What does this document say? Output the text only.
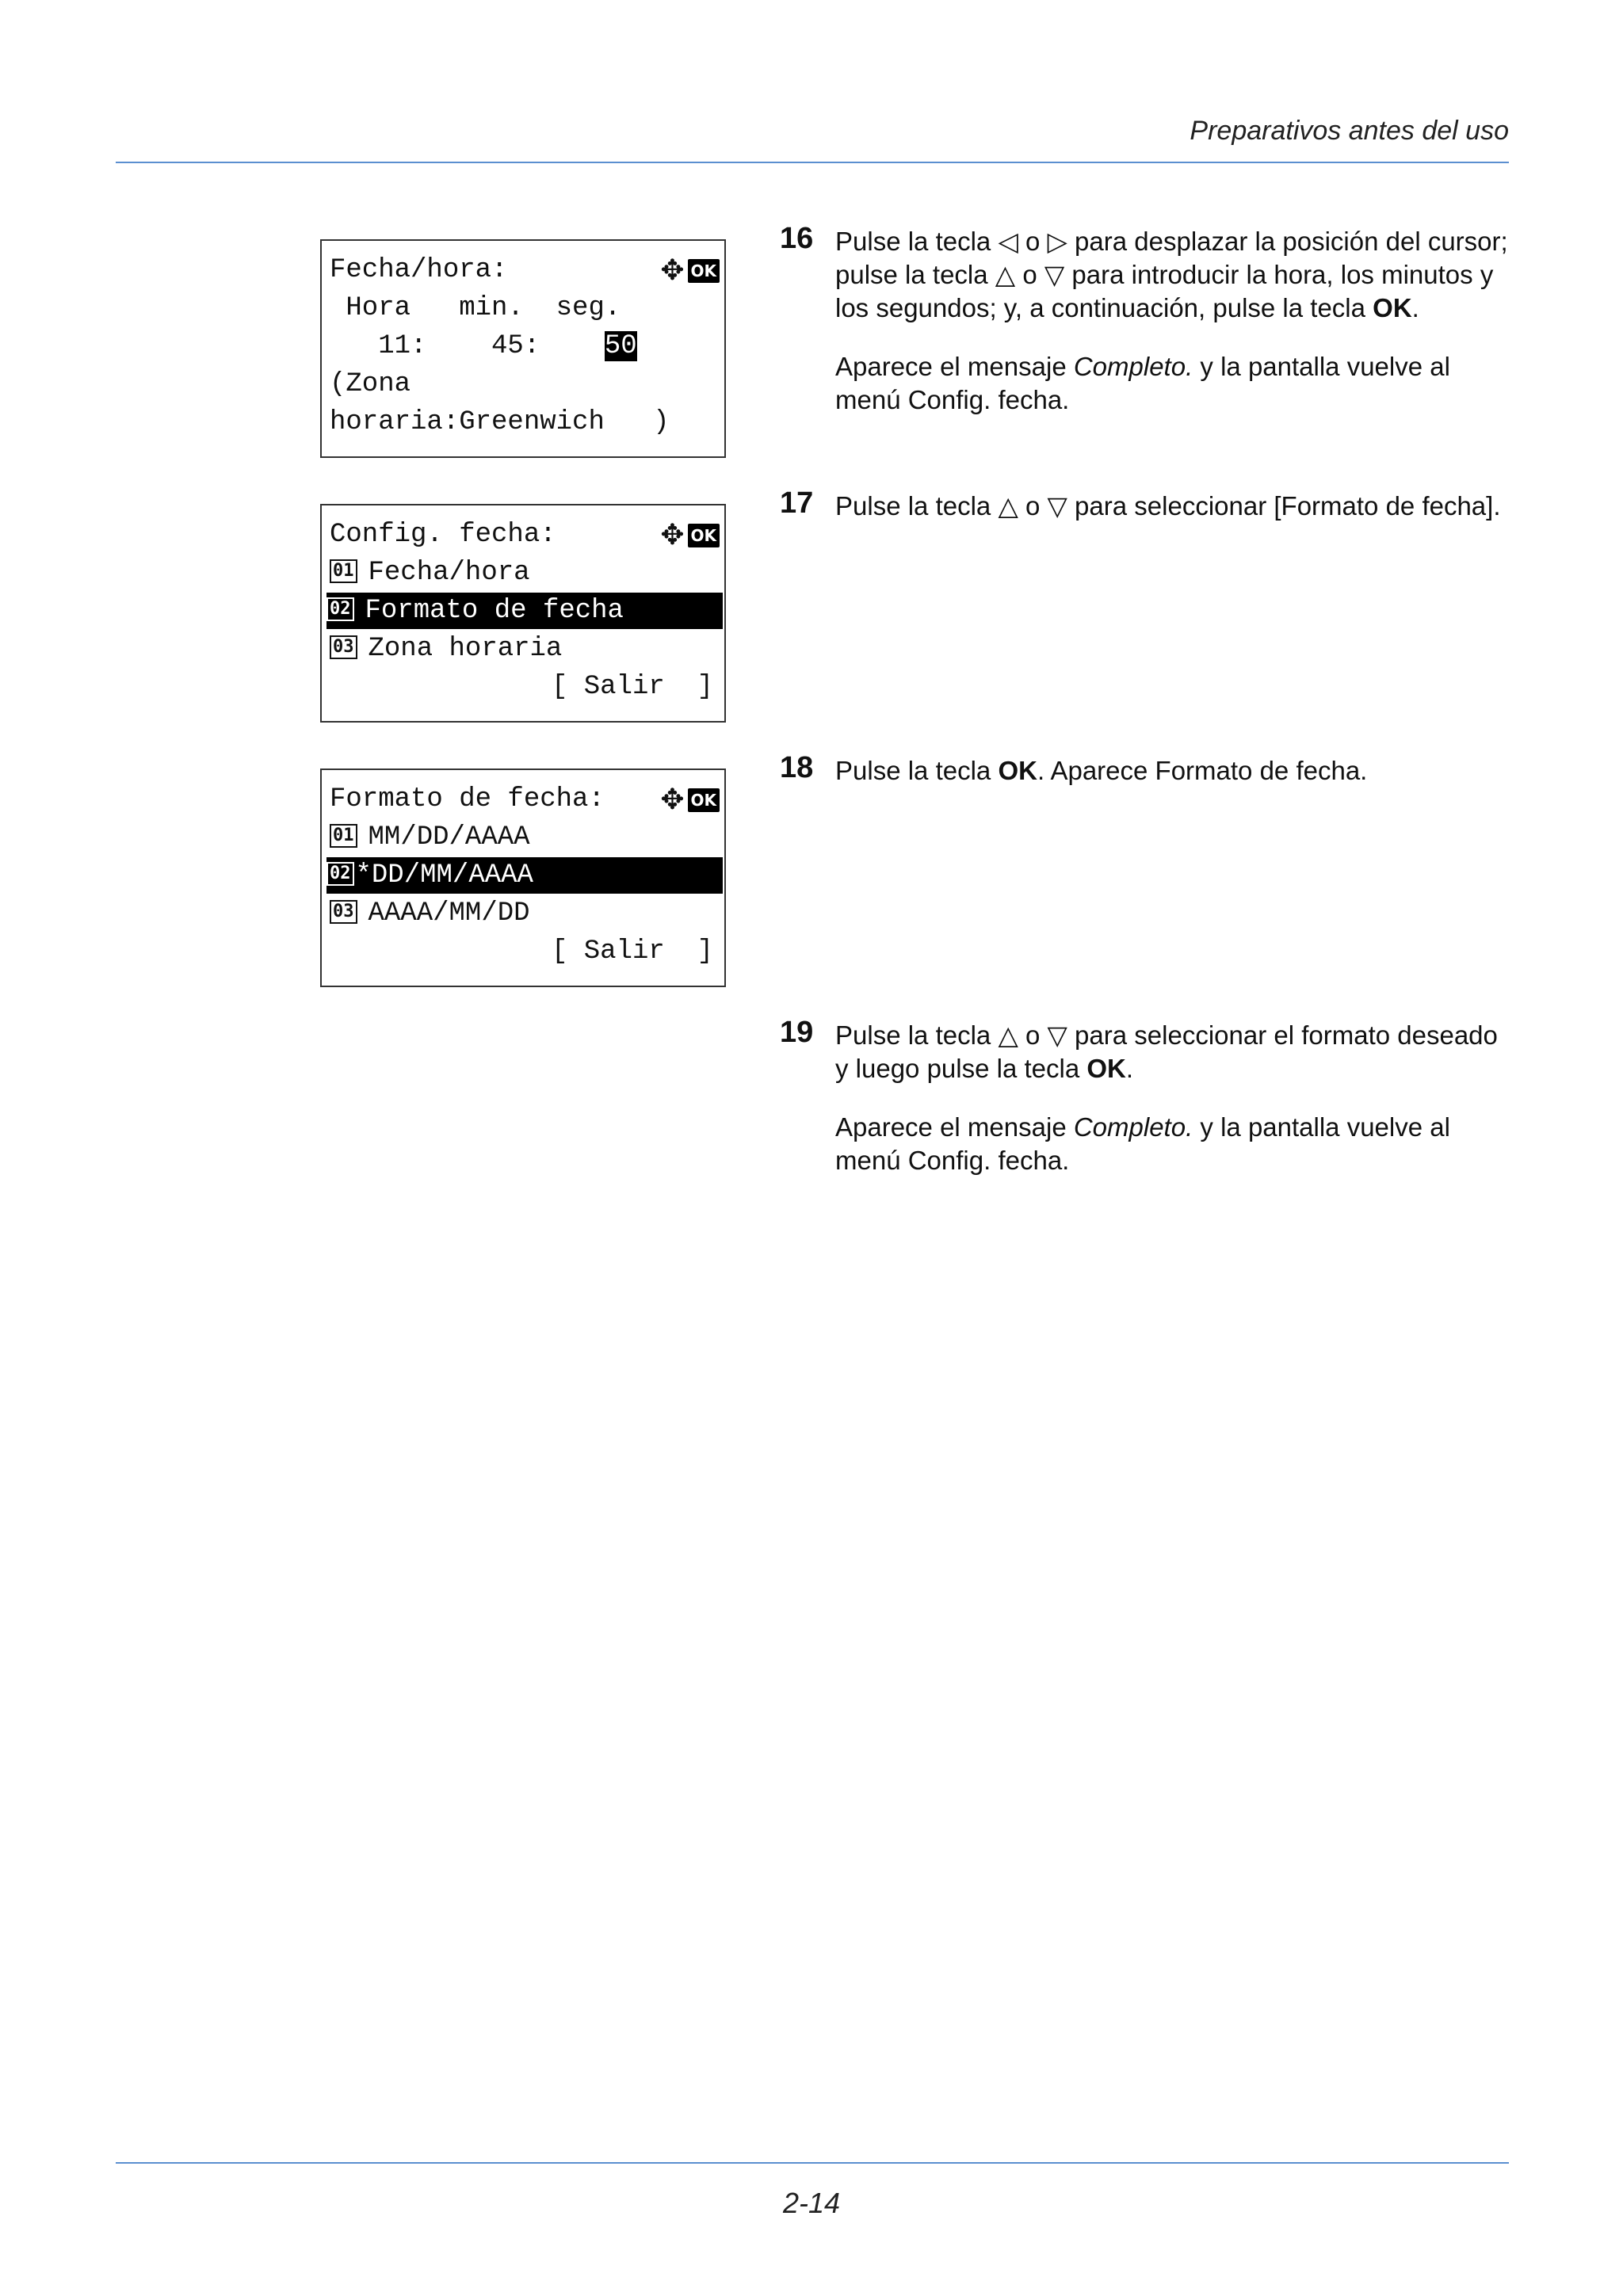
Preparativos antes del uso
Fecha/hora:	✥ OK
Hora   min.  seg.
11:    45:    50
(Zona
horaria:Greenwich   )
Config. fecha:	✥ OK
01 Fecha/hora
02 Formato de fecha
03 Zona horaria
[ Salir  ]
Formato de fecha:	✥ OK
01 MM/DD/AAAA
02 *DD/MM/AAAA
03 AAAA/MM/DD
[ Salir  ]
16 Pulse la tecla ◁ o ▷ para desplazar la posición del cursor; pulse la tecla △ o ▽ para introducir la hora, los minutos y los segundos; y, a continuación, pulse la tecla OK.

Aparece el mensaje Completo. y la pantalla vuelve al menú Config. fecha.

17 Pulse la tecla △ o ▽ para seleccionar [Formato de fecha].

18 Pulse la tecla OK. Aparece Formato de fecha.

19 Pulse la tecla △ o ▽ para seleccionar el formato deseado y luego pulse la tecla OK.

Aparece el mensaje Completo. y la pantalla vuelve al menú Config. fecha.

2-14
